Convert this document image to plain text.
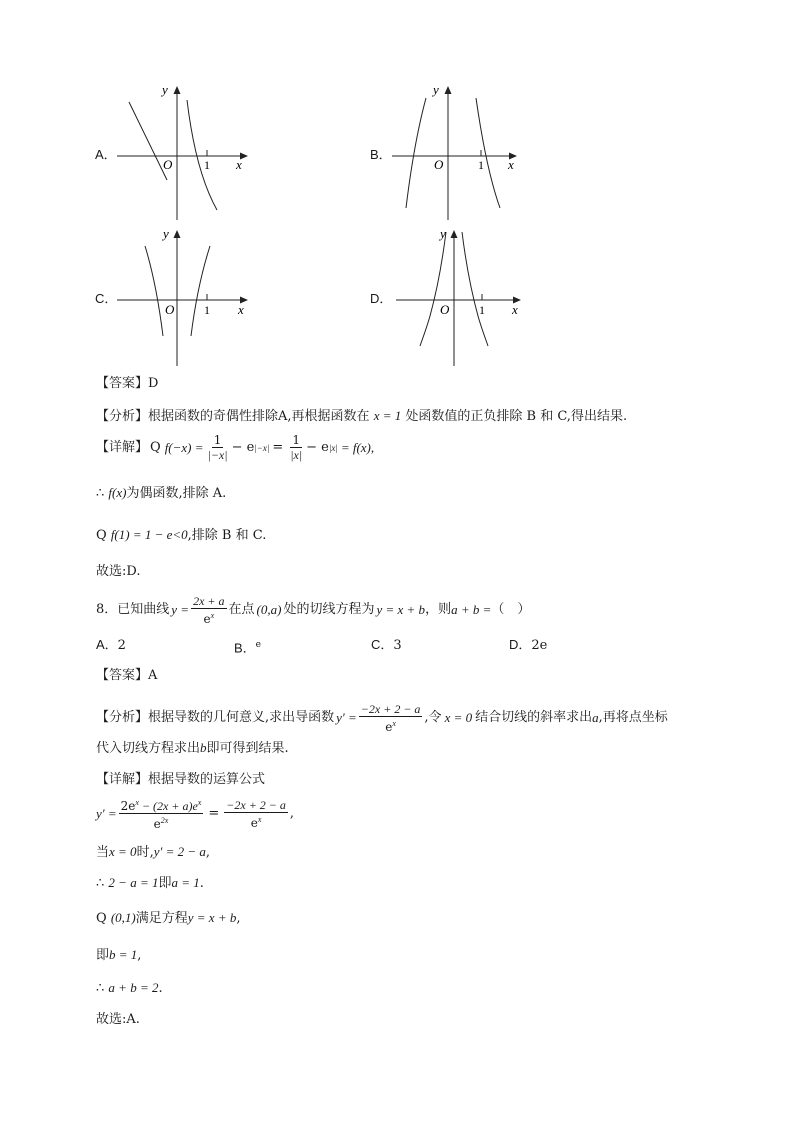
A．
y
O	1 x
B．
y
O	1 x
C．
y
O 1 x
D．
y
O 1 x
【答案】D
【分析】根据函数的奇偶性排除A,再根据函数在 x = 1 处函数值的正负排除 B 和 C,得出结果.
【详解】 Q $f(-x) = \frac{1}{|-x|} - e$ $|-x| = \frac{1}{|x|} - e$ |x| = f(x),
∴ f(x)为偶函数,排除 A.
Q f(1) = 1 − e<0,排除 B 和 C.
故选:D.
8．已知曲线 $y = \frac{2x + a}{e^x}$ 在点 (0,a) 处的切线方程为 y = x + b ，则 a + b = （　）
A．2	B．$^e$	C．3	D．2e
【答案】A
【分析】 根据导数的几何意义,求出导函数 $y' = \frac{-2x + 2 - a}{e^x}$ ,令 x = 0 结合切线的斜率求出 a ,再将点坐标
代入切线方程求出b即可得到结果.
【详解】根据导数的运算公式
$y' = \frac{2e^x - (2x + a)e^x}{e^{2x}} = \frac{-2x + 2 - a}{e^x}$ ,
当x = 0时,y′ = 2 − a,
∴ 2 − a = 1即a = 1.
Q (0,1)满足方程y = x + b,
即b = 1,
∴ a + b = 2.
故选:A.
